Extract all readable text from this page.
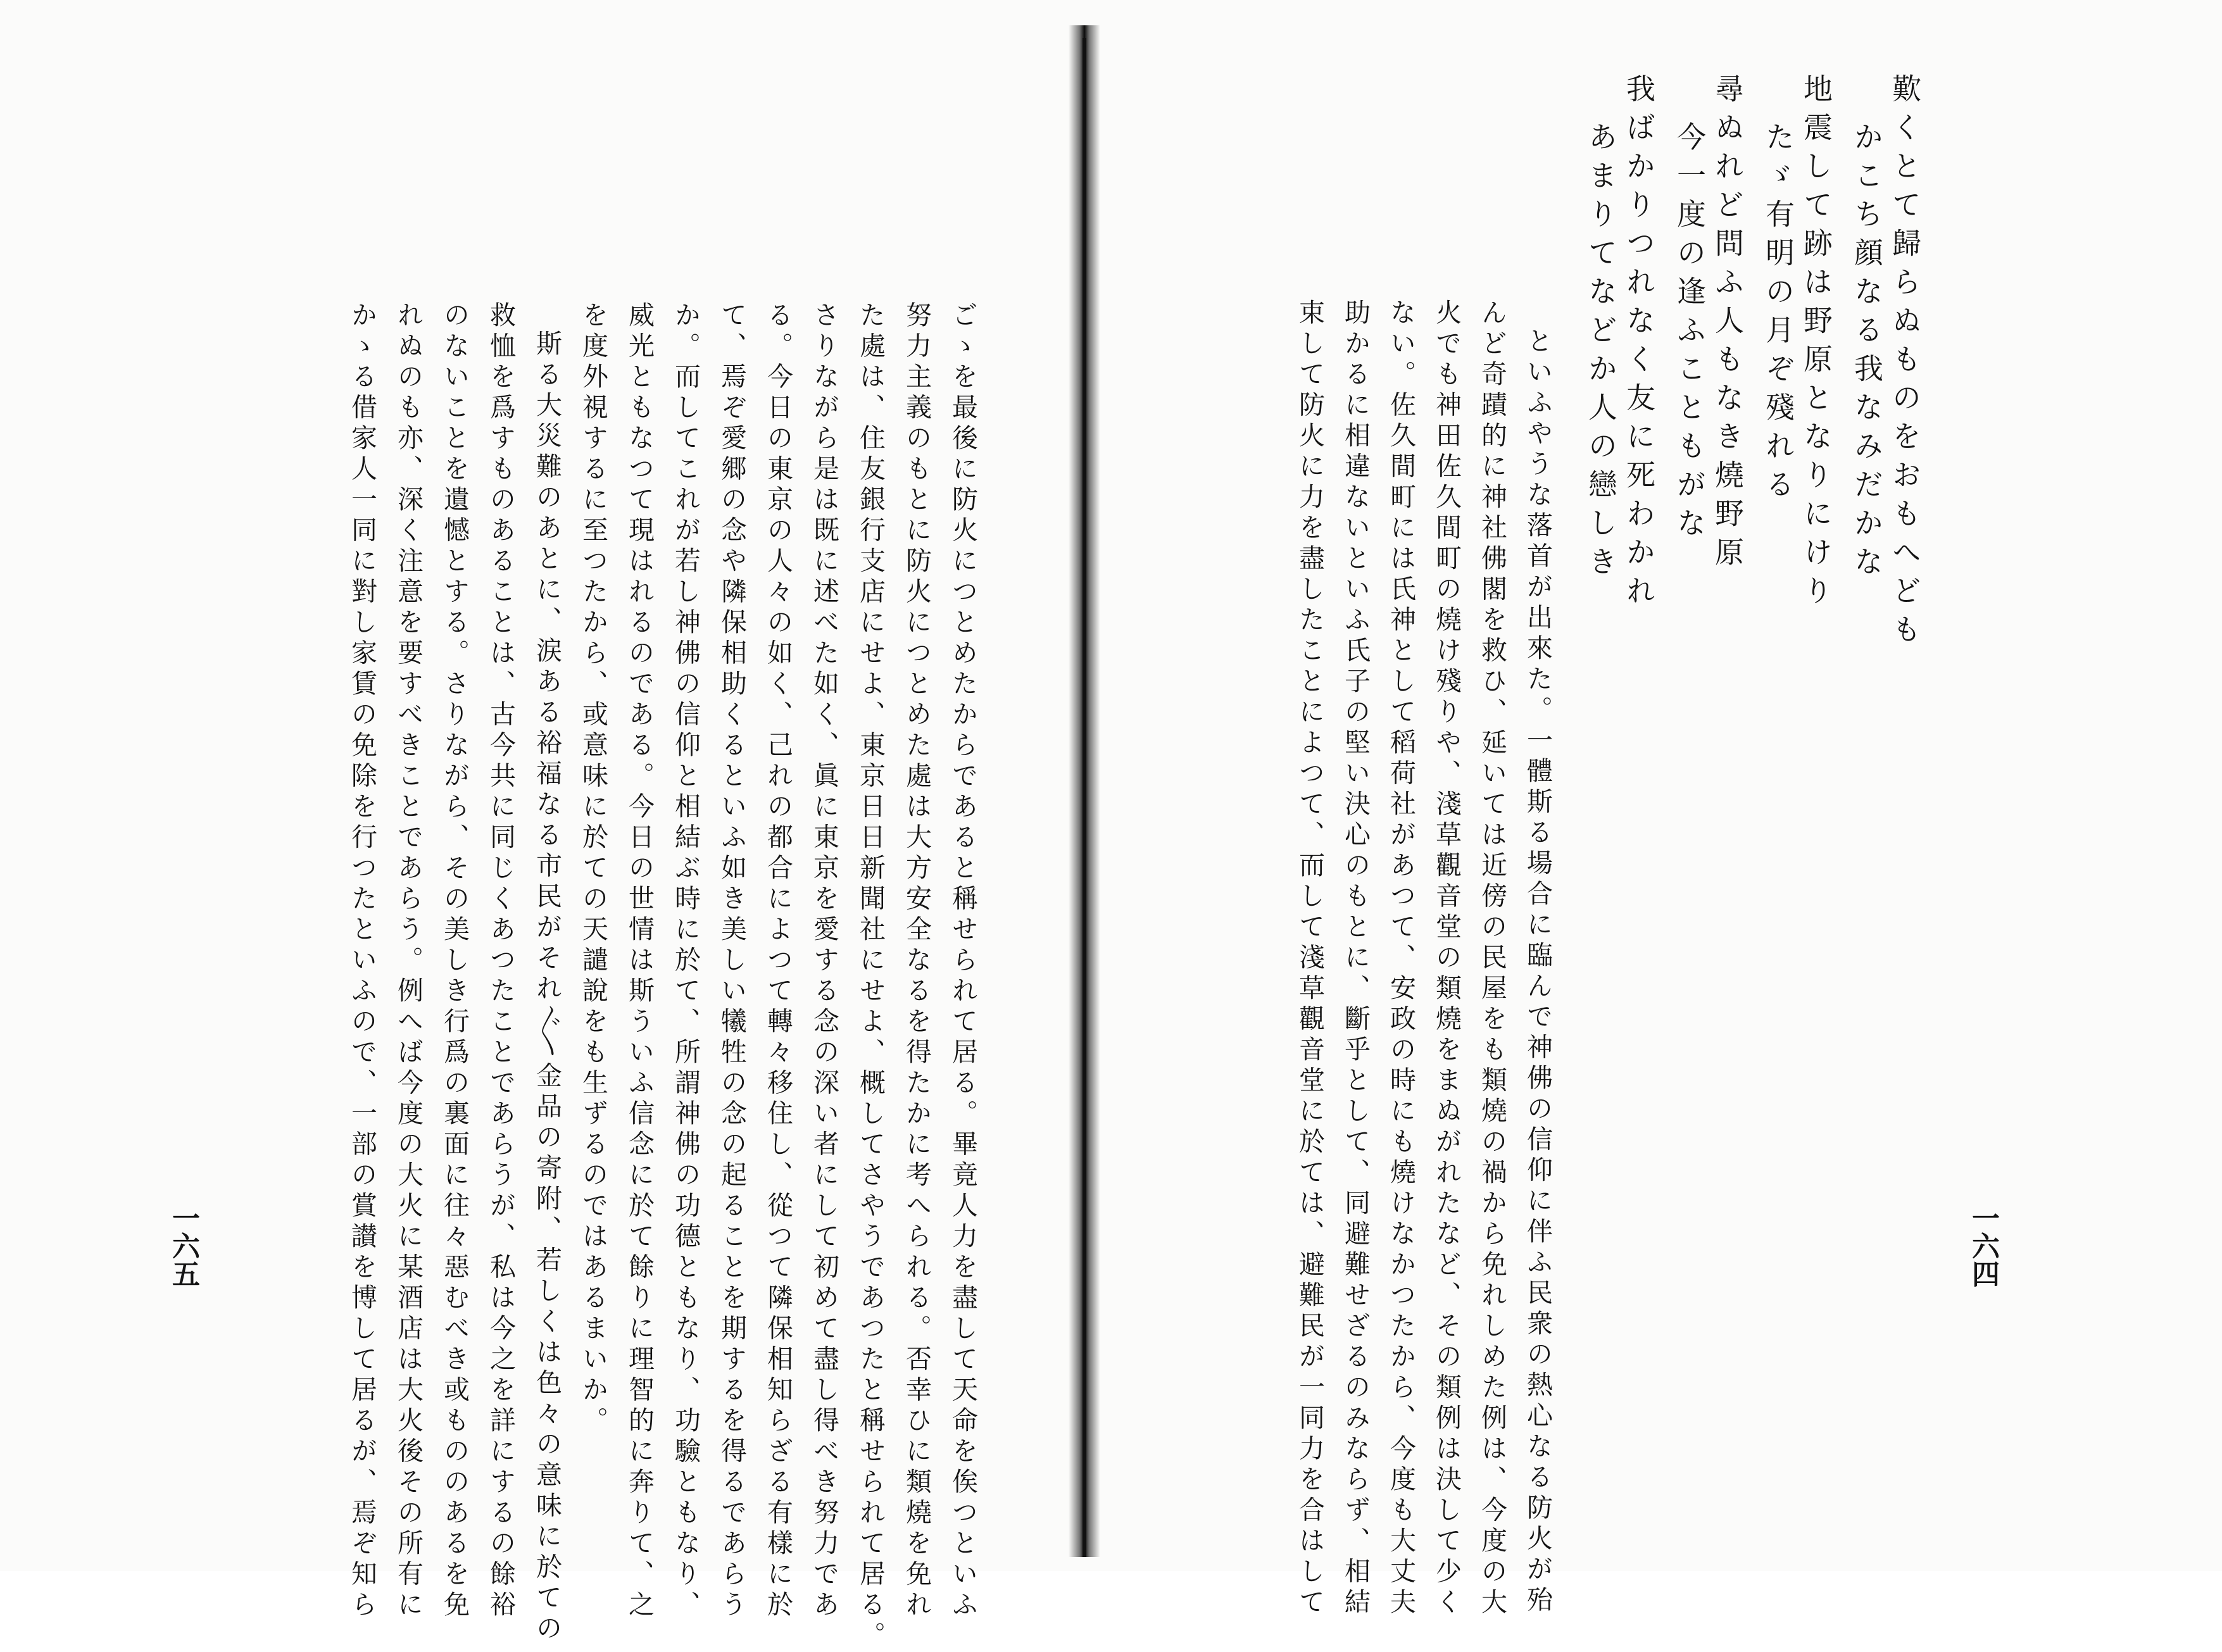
歎くとて歸らぬものをおもへども
かこち顔なる我なみだかな
地震して跡は野原となりにけり
たゞ有明の月ぞ殘れる
尋ぬれど問ふ人もなき燒野原
今一度の逢ふこともがな
我ばかりつれなく友に死わかれ
あまりてなどか人の戀しき
といふやうな落首が出來た。一體斯る場合に臨んで神佛の信仰に伴ふ民衆の熱心なる防火が殆
んど奇蹟的に神社佛閣を救ひ、延いては近傍の民屋をも類燒の禍から免れしめた例は、今度の大
火でも神田佐久間町の燒け殘りや、淺草觀音堂の類燒をまぬがれたなど、その類例は決して少く
ない。佐久間町には氏神として稻荷社があつて、安政の時にも燒けなかつたから、今度も大丈夫
助かるに相違ないといふ氏子の堅い決心のもとに、斷乎として、同避難せざるのみならず、相結
束して防火に力を盡したことによつて、而して淺草觀音堂に於ては、避難民が一同力を合はして	一六四
ごゝを最後に防火につとめたからであると稱せられて居る。畢竟人力を盡して天命を俟つといふ
努力主義のもとに防火につとめた處は大方安全なるを得たかに考へられる。否幸ひに類燒を免れ
た處は、住友銀行支店にせよ、東京日日新聞社にせよ、概してさやうであつたと稱せられて居る。
さりながら是は既に述べた如く、眞に東京を愛する念の深い者にして初めて盡し得べき努力であ
る。今日の東京の人々の如く、己れの都合によつて轉々移住し、從つて隣保相知らざる有樣に於
て、焉ぞ愛郷の念や隣保相助くるといふ如き美しい犧牲の念の起ることを期するを得るであらう
か。而してこれが若し神佛の信仰と相結ぶ時に於て、所謂神佛の功德ともなり、功驗ともなり、
威光ともなつて現はれるのである。今日の世情は斯ういふ信念に於て餘りに理智的に奔りて、之
を度外視するに至つたから、或意味に於ての天譴說をも生ずるのではあるまいか。
斯る大災難のあとに、涙ある裕福なる市民がそれ〴〵金品の寄附、若しくは色々の意味に於ての
救恤を爲すものあることは、古今共に同じくあつたことであらうが、私は今之を詳にするの餘裕
のないことを遺憾とする。さりながら、その美しき行爲の裏面に往々惡むべき或もののあるを免
れぬのも亦、深く注意を要すべきことであらう。例へば今度の大火に某酒店は大火後その所有に
かゝる借家人一同に對し家賃の免除を行つたといふので、一部の賞讃を博して居るが、焉ぞ知ら
一六五
